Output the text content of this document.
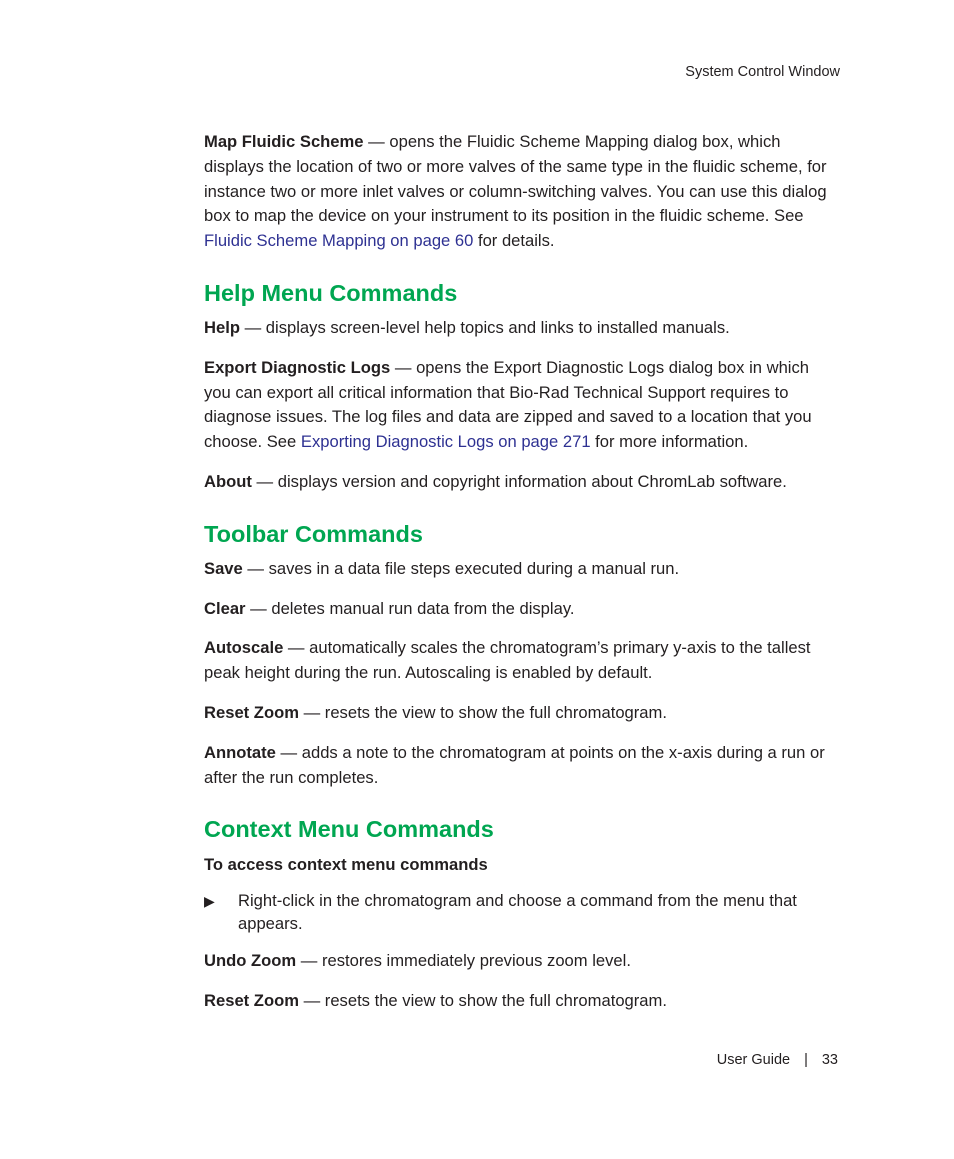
System Control Window

Map Fluidic Scheme — opens the Fluidic Scheme Mapping dialog box, which displays the location of two or more valves of the same type in the fluidic scheme, for instance two or more inlet valves or column-switching valves. You can use this dialog box to map the device on your instrument to its position in the fluidic scheme. See Fluidic Scheme Mapping on page 60 for details.

Help Menu Commands

Help — displays screen-level help topics and links to installed manuals.

Export Diagnostic Logs — opens the Export Diagnostic Logs dialog box in which you can export all critical information that Bio-Rad Technical Support requires to diagnose issues. The log files and data are zipped and saved to a location that you choose. See Exporting Diagnostic Logs on page 271 for more information.

About — displays version and copyright information about ChromLab software.

Toolbar Commands

Save — saves in a data file steps executed during a manual run.

Clear — deletes manual run data from the display.

Autoscale — automatically scales the chromatogram’s primary y-axis to the tallest peak height during the run. Autoscaling is enabled by default.

Reset Zoom — resets the view to show the full chromatogram.

Annotate — adds a note to the chromatogram at points on the x-axis during a run or after the run completes.

Context Menu Commands

To access context menu commands

▶	Right-click in the chromatogram and choose a command from the menu that appears.

Undo Zoom — restores immediately previous zoom level.

Reset Zoom — resets the view to show the full chromatogram.

User Guide | 33
